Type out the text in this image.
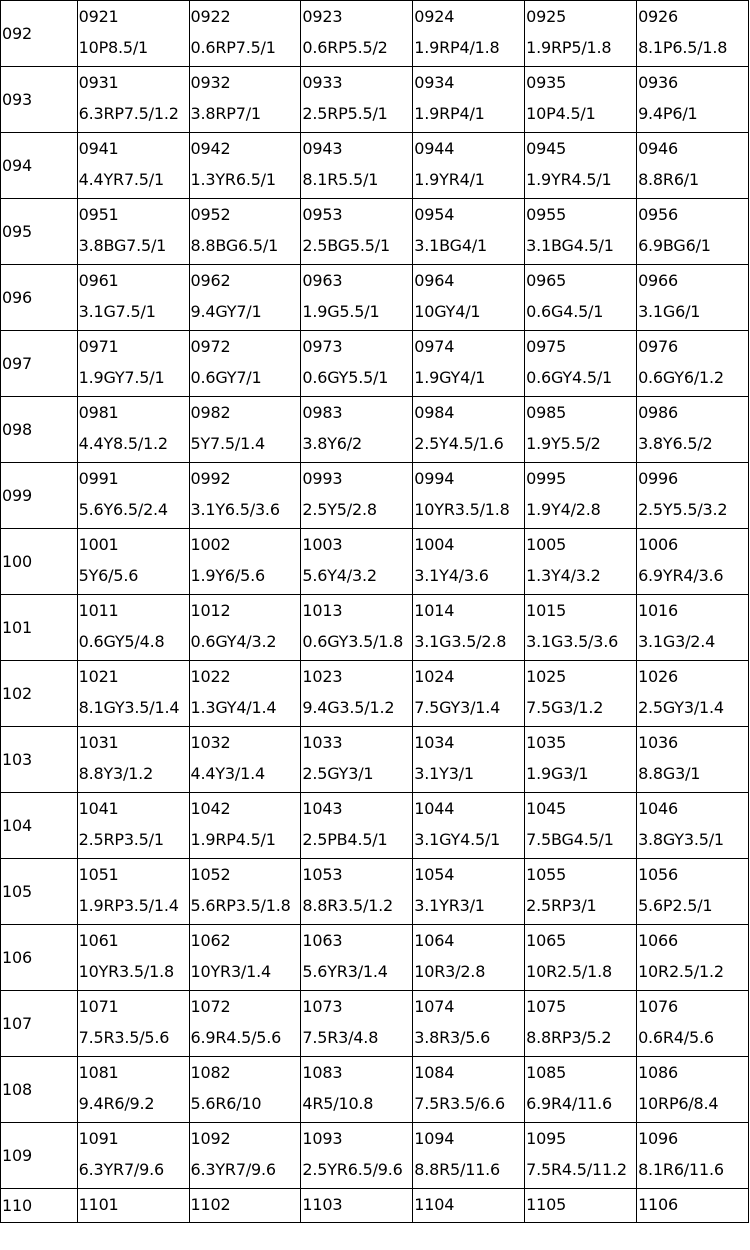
092	0921
10P8.5/1	0922
0.6RP7.5/1	0923
0.6RP5.5/2	0924
1.9RP4/1.8	0925
1.9RP5/1.8	0926
8.1P6.5/1.8

093	0931
6.3RP7.5/1.2	0932
3.8RP7/1	0933
2.5RP5.5/1	0934
1.9RP4/1	0935
10P4.5/1	0936
9.4P6/1

094	0941
4.4YR7.5/1	0942
1.3YR6.5/1	0943
8.1R5.5/1	0944
1.9YR4/1	0945
1.9YR4.5/1	0946
8.8R6/1

095	0951
3.8BG7.5/1	0952
8.8BG6.5/1	0953
2.5BG5.5/1	0954
3.1BG4/1	0955
3.1BG4.5/1	0956
6.9BG6/1

096	0961
3.1G7.5/1	0962
9.4GY7/1	0963
1.9G5.5/1	0964
10GY4/1	0965
0.6G4.5/1	0966
3.1G6/1

097	0971
1.9GY7.5/1	0972
0.6GY7/1	0973
0.6GY5.5/1	0974
1.9GY4/1	0975
0.6GY4.5/1	0976
0.6GY6/1.2

098	0981
4.4Y8.5/1.2	0982
5Y7.5/1.4	0983
3.8Y6/2	0984
2.5Y4.5/1.6	0985
1.9Y5.5/2	0986
3.8Y6.5/2

099	0991
5.6Y6.5/2.4	0992
3.1Y6.5/3.6	0993
2.5Y5/2.8	0994
10YR3.5/1.8	0995
1.9Y4/2.8	0996
2.5Y5.5/3.2

100	1001
5Y6/5.6	1002
1.9Y6/5.6	1003
5.6Y4/3.2	1004
3.1Y4/3.6	1005
1.3Y4/3.2	1006
6.9YR4/3.6

101	1011
0.6GY5/4.8	1012
0.6GY4/3.2	1013
0.6GY3.5/1.8	1014
3.1G3.5/2.8	1015
3.1G3.5/3.6	1016
3.1G3/2.4

102	1021
8.1GY3.5/1.4	1022
1.3GY4/1.4	1023
9.4G3.5/1.2	1024
7.5GY3/1.4	1025
7.5G3/1.2	1026
2.5GY3/1.4

103	1031
8.8Y3/1.2	1032
4.4Y3/1.4	1033
2.5GY3/1	1034
3.1Y3/1	1035
1.9G3/1	1036
8.8G3/1

104	1041
2.5RP3.5/1	1042
1.9RP4.5/1	1043
2.5PB4.5/1	1044
3.1GY4.5/1	1045
7.5BG4.5/1	1046
3.8GY3.5/1

105	1051
1.9RP3.5/1.4	1052
5.6RP3.5/1.8	1053
8.8R3.5/1.2	1054
3.1YR3/1	1055
2.5RP3/1	1056
5.6P2.5/1

106	1061
10YR3.5/1.8	1062
10YR3/1.4	1063
5.6YR3/1.4	1064
10R3/2.8	1065
10R2.5/1.8	1066
10R2.5/1.2

107	1071
7.5R3.5/5.6	1072
6.9R4.5/5.6	1073
7.5R3/4.8	1074
3.8R3/5.6	1075
8.8RP3/5.2	1076
0.6R4/5.6

108	1081
9.4R6/9.2	1082
5.6R6/10	1083
4R5/10.8	1084
7.5R3.5/6.6	1085
6.9R4/11.6	1086
10RP6/8.4

109	1091
6.3YR7/9.6	1092
6.3YR7/9.6	1093
2.5YR6.5/9.6	1094
8.8R5/11.6	1095
7.5R4.5/11.2	1096
8.1R6/11.6

110	1101	1102	1103	1104	1105	1106
